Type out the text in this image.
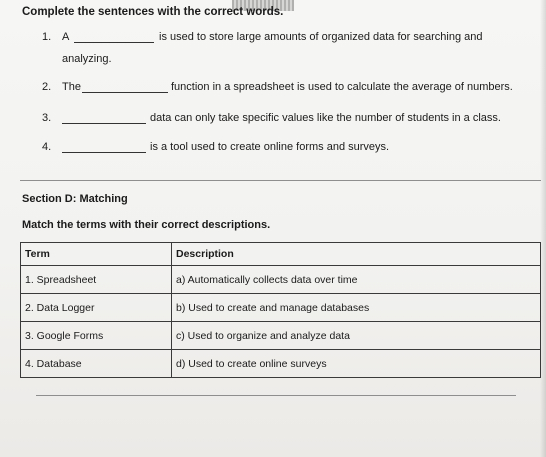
Complete the sentences with the correct words.
1. A	is used to store large amounts of organized data for searching and
analyzing.
2. The	function in a spreadsheet is used to calculate the average of numbers.
3.	data can only take specific values like the number of students in a class.
4.	is a tool used to create online forms and surveys.
Section D: Matching
Match the terms with their correct descriptions.
Term	Description
1. Spreadsheet	a) Automatically collects data over time
2. Data Logger	b) Used to create and manage databases
3. Google Forms	c) Used to organize and analyze data
4. Database	d) Used to create online surveys
